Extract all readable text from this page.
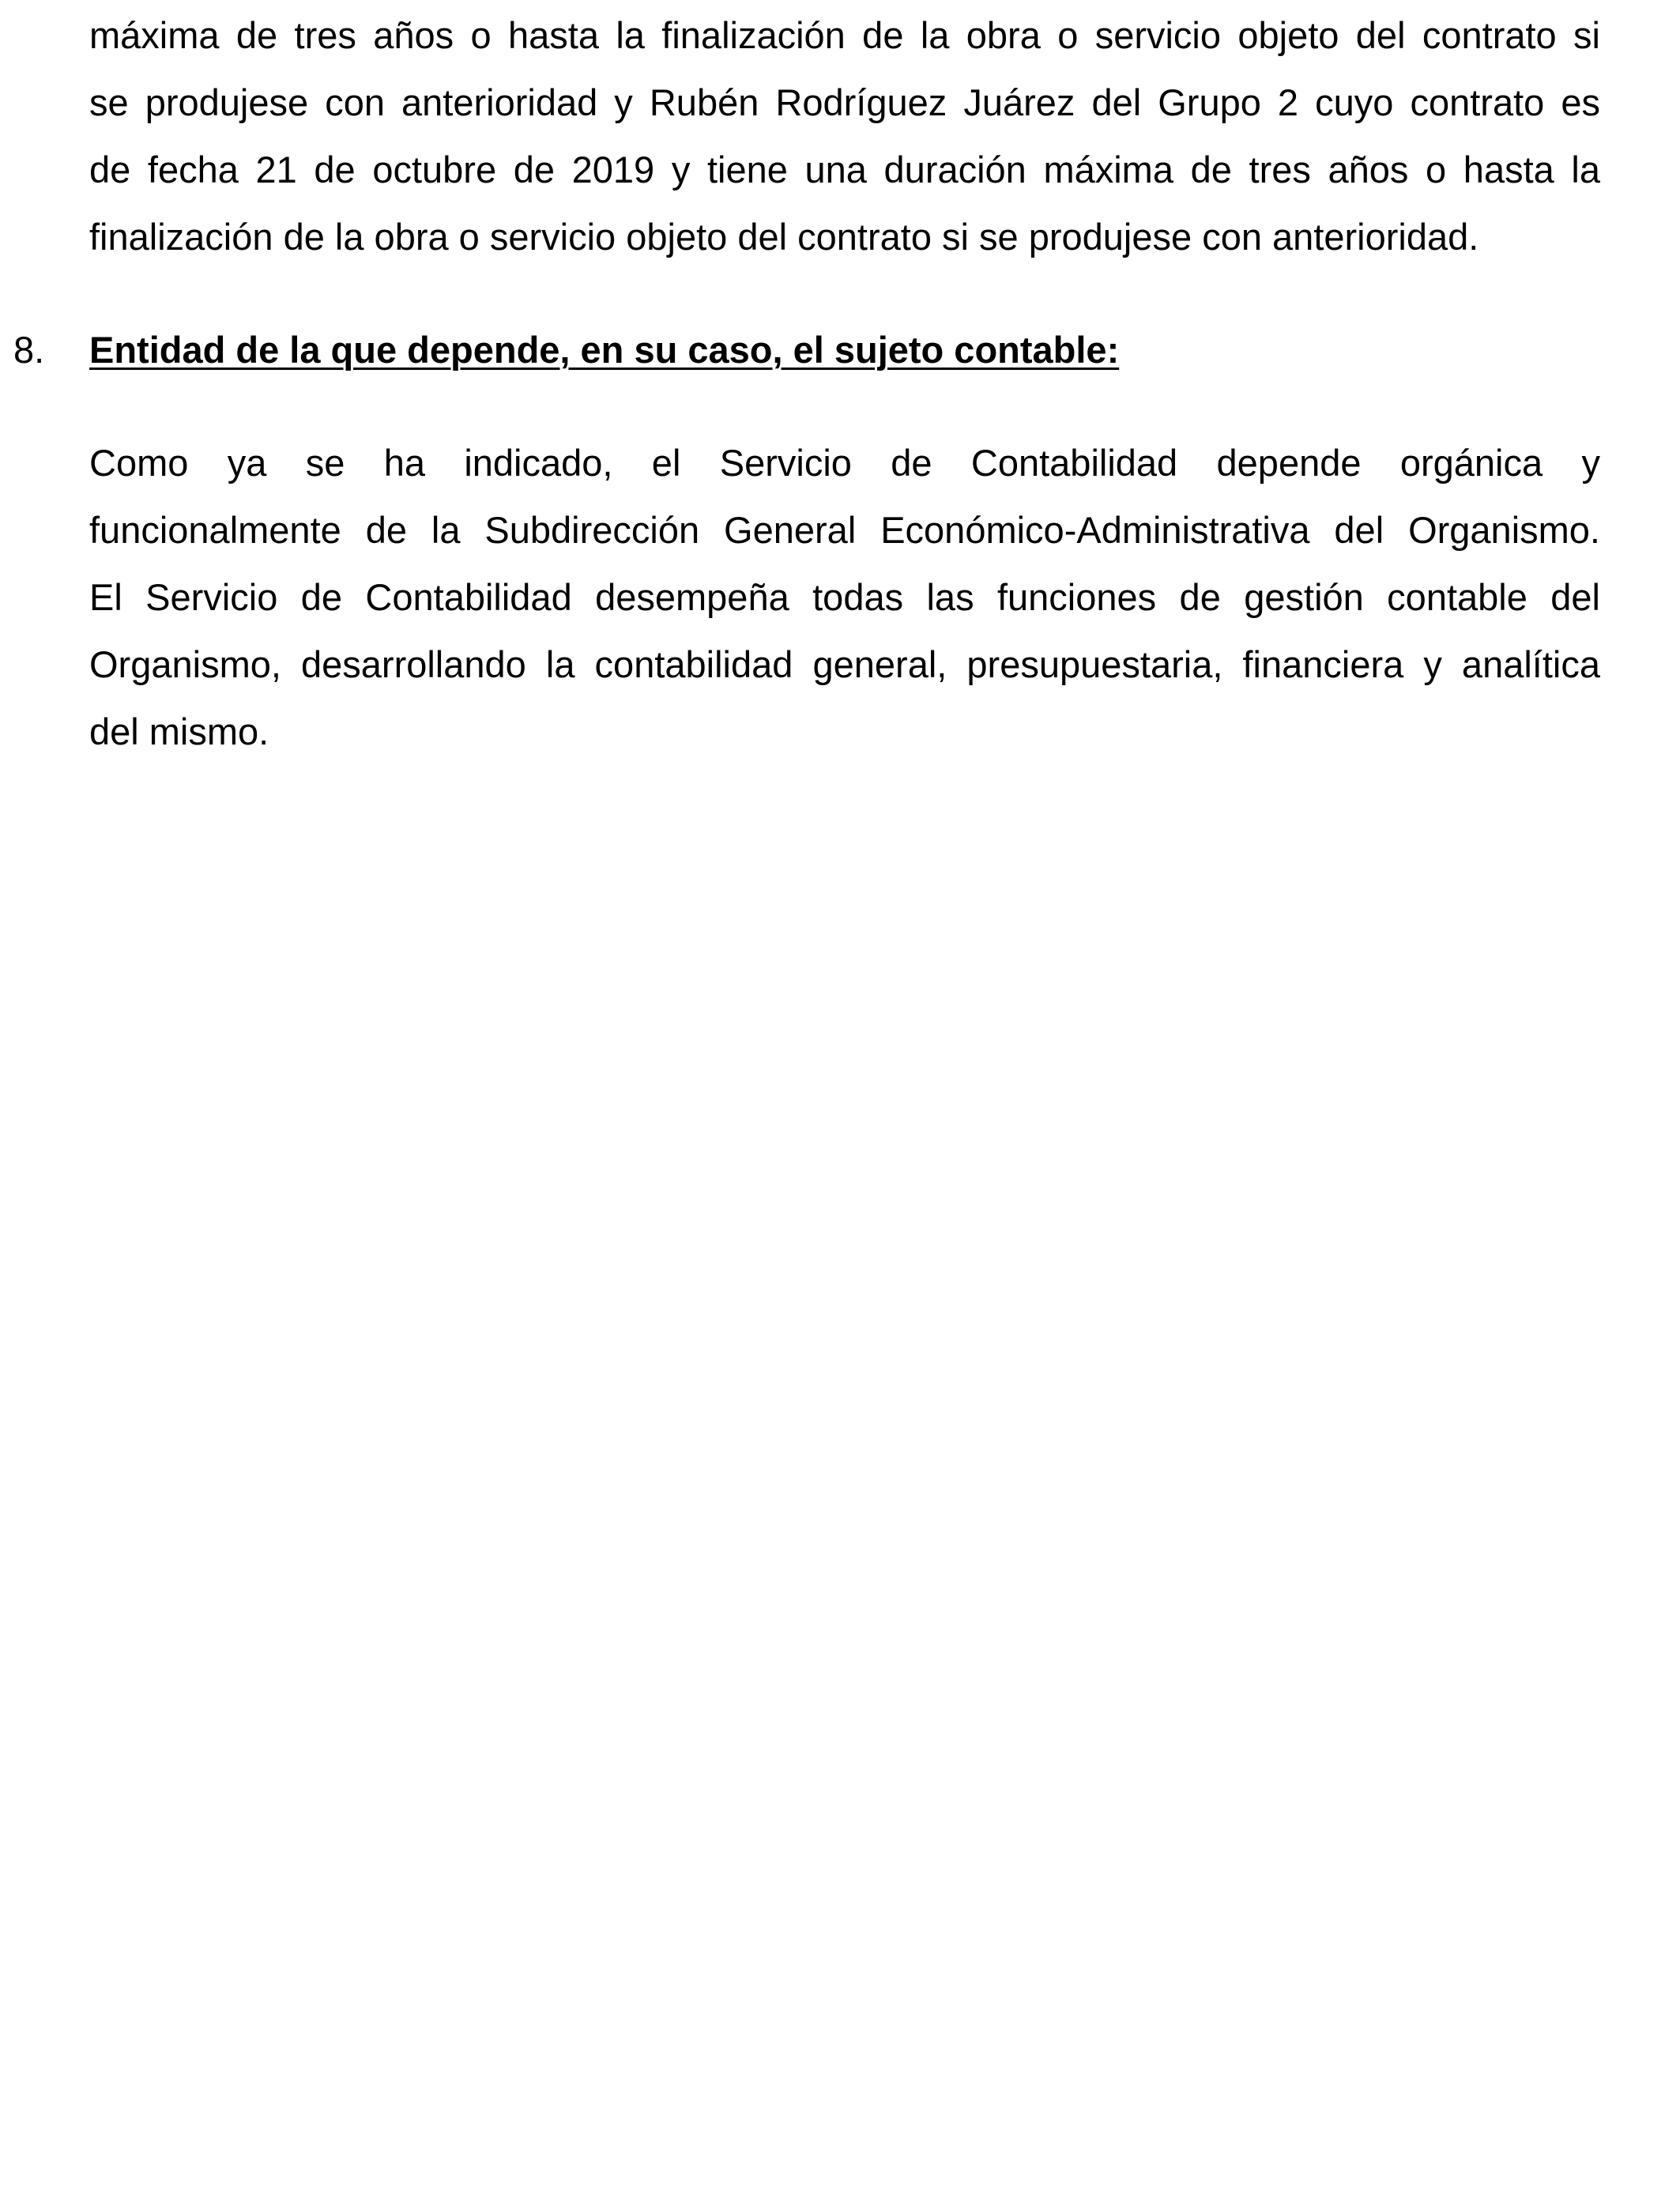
máxima de tres años o hasta la finalización de la obra o servicio objeto del contrato si
se produjese con anterioridad y Rubén Rodríguez Juárez del Grupo 2 cuyo contrato es
de fecha 21 de octubre de 2019 y tiene una duración máxima de tres años o hasta la
finalización de la obra o servicio objeto del contrato si se produjese con anterioridad.

8. Entidad de la que depende, en su caso, el sujeto contable:

Como ya se ha indicado, el Servicio de Contabilidad depende orgánica y
funcionalmente de la Subdirección General Económico-Administrativa del Organismo.
El Servicio de Contabilidad desempeña todas las funciones de gestión contable del
Organismo, desarrollando la contabilidad general, presupuestaria, financiera y analítica
del mismo.
